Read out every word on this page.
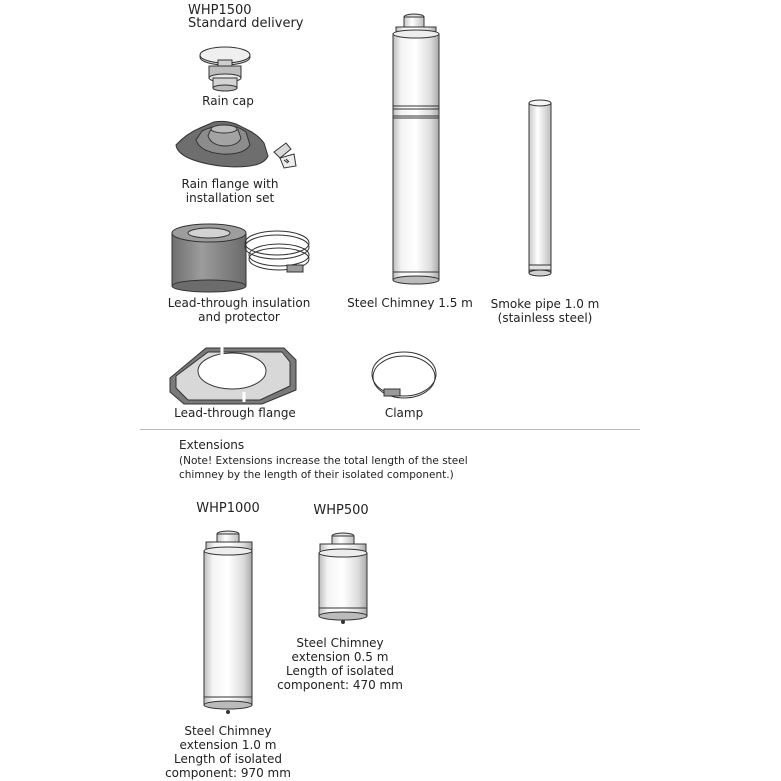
WHP1500
Standard delivery
Rain cap
Rain flange with
installation set
Lead-through insulation
and protector
Steel Chimney 1.5 m	Smoke pipe 1.0 m
(stainless steel)
Lead-through flange	Clamp
Extensions
(Note! Extensions increase the total length of the steel
chimney by the length of their isolated component.)
WHP1000	WHP500
Steel Chimney
extension 0.5 m
Length of isolated
component: 470 mm
Steel Chimney
extension 1.0 m
Length of isolated
component: 970 mm
